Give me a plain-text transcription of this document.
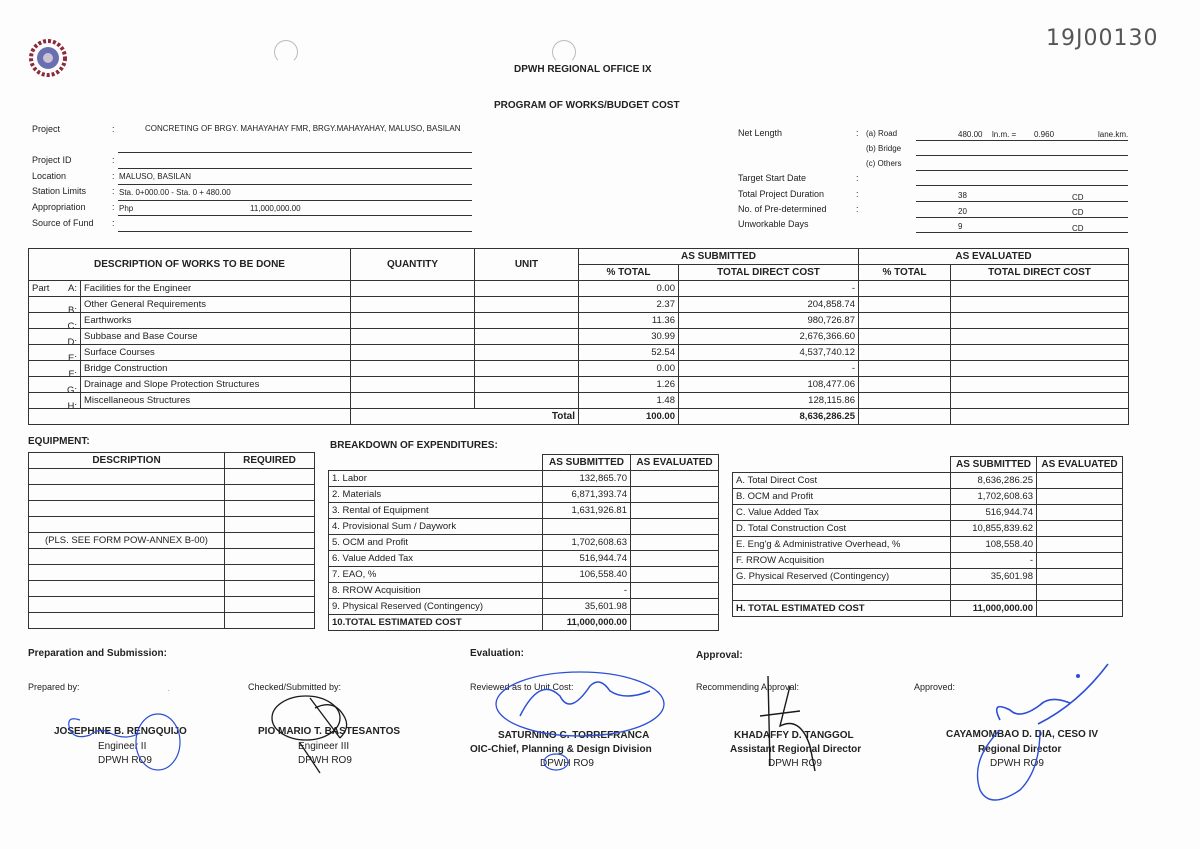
19J00130
DPWH REGIONAL OFFICE IX
PROGRAM OF WORKS/BUDGET COST
Project	:	CONCRETING OF BRGY. MAHAYAHAY FMR, BRGY.MAHAYAHAY, MALUSO, BASILAN
Project ID	:
Location	: MALUSO, BASILAN
Station Limits	: Sta. 0+000.00 - Sta. 0 + 480.00
Appropriation	: Php	11,000,000.00
Source of Fund :
Net Length	: (a) Road	480.00 ln.m. = 0.960	lane.km.
(b) Bridge
(c) Others
Target Start Date	:
Total Project Duration	:	38	CD
No. of Pre-determined	:	20	CD
Unworkable Days	9	CD
DESCRIPTION OF WORKS TO BE DONE		QUANTITY	UNIT	AS SUBMITTED		AS EVALUATED	
				% TOTAL	TOTAL DIRECT COST	% TOTAL	TOTAL DIRECT COST
Part A:	Facilities for the Engineer			0.00	-		

B:	Other General Requirements			2.37	204,858.74		

C:	Earthworks			11.36	980,726.87		

D:	Subbase and Base Course			30.99	2,676,366.60		

E:	Surface Courses			52.54	4,537,740.12		

F:	Bridge Construction			0.00	-		

G:	Drainage and Slope Protection Structures			1.26	108,477.06		

H:	Miscellaneous Structures			1.48	128,115.86		
		Total		100.00	8,636,286.25		
EQUIPMENT:
DESCRIPTION	REQUIRED

(PLS. SEE FORM POW-ANNEX B-00)	

BREAKDOWN OF EXPENDITURES:
	AS SUBMITTED	AS EVALUATED
1. Labor	132,865.70	
2. Materials	6,871,393.74	
3. Rental of Equipment	1,631,926.81	
4. Provisional Sum / Daywork		
5. OCM and Profit	1,702,608.63	
6. Value Added Tax	516,944.74	
7. EAO, %	106,558.40	
8. RROW Acquisition	-	
9. Physical Reserved (Contingency)	35,601.98	
10.TOTAL ESTIMATED COST	11,000,000.00	
	AS SUBMITTED	AS EVALUATED
A. Total Direct Cost	8,636,286.25	
B. OCM and Profit	1,702,608.63	
C. Value Added Tax	516,944.74	
D. Total Construction Cost	10,855,839.62	
E. Eng'g & Administrative Overhead, %	108,558.40	
F. RROW Acquisition	-	
G. Physical Reserved (Contingency)	35,601.98	

H. TOTAL ESTIMATED COST	11,000,000.00	
Preparation and Submission:	Evaluation:	Approval:
Prepared by:	Checked/Submitted by:	Reviewed as to Unit Cost:	Recommending Approval:	Approved:
JOSEPHINE B. RENGQUIJO
Engineer II
DPWH RO9
PIO MARIO T. BASTESANTOS
Engineer III
DPWH RO9
SATURNINO C. TORREFRANCA
OIC-Chief, Planning & Design Division
DPWH RO9
KHADAFFY D. TANGGOL
Assistant Regional Director
DPWH RO9
CAYAMOMBAO D. DIA, CESO IV
Regional Director
DPWH RO9
